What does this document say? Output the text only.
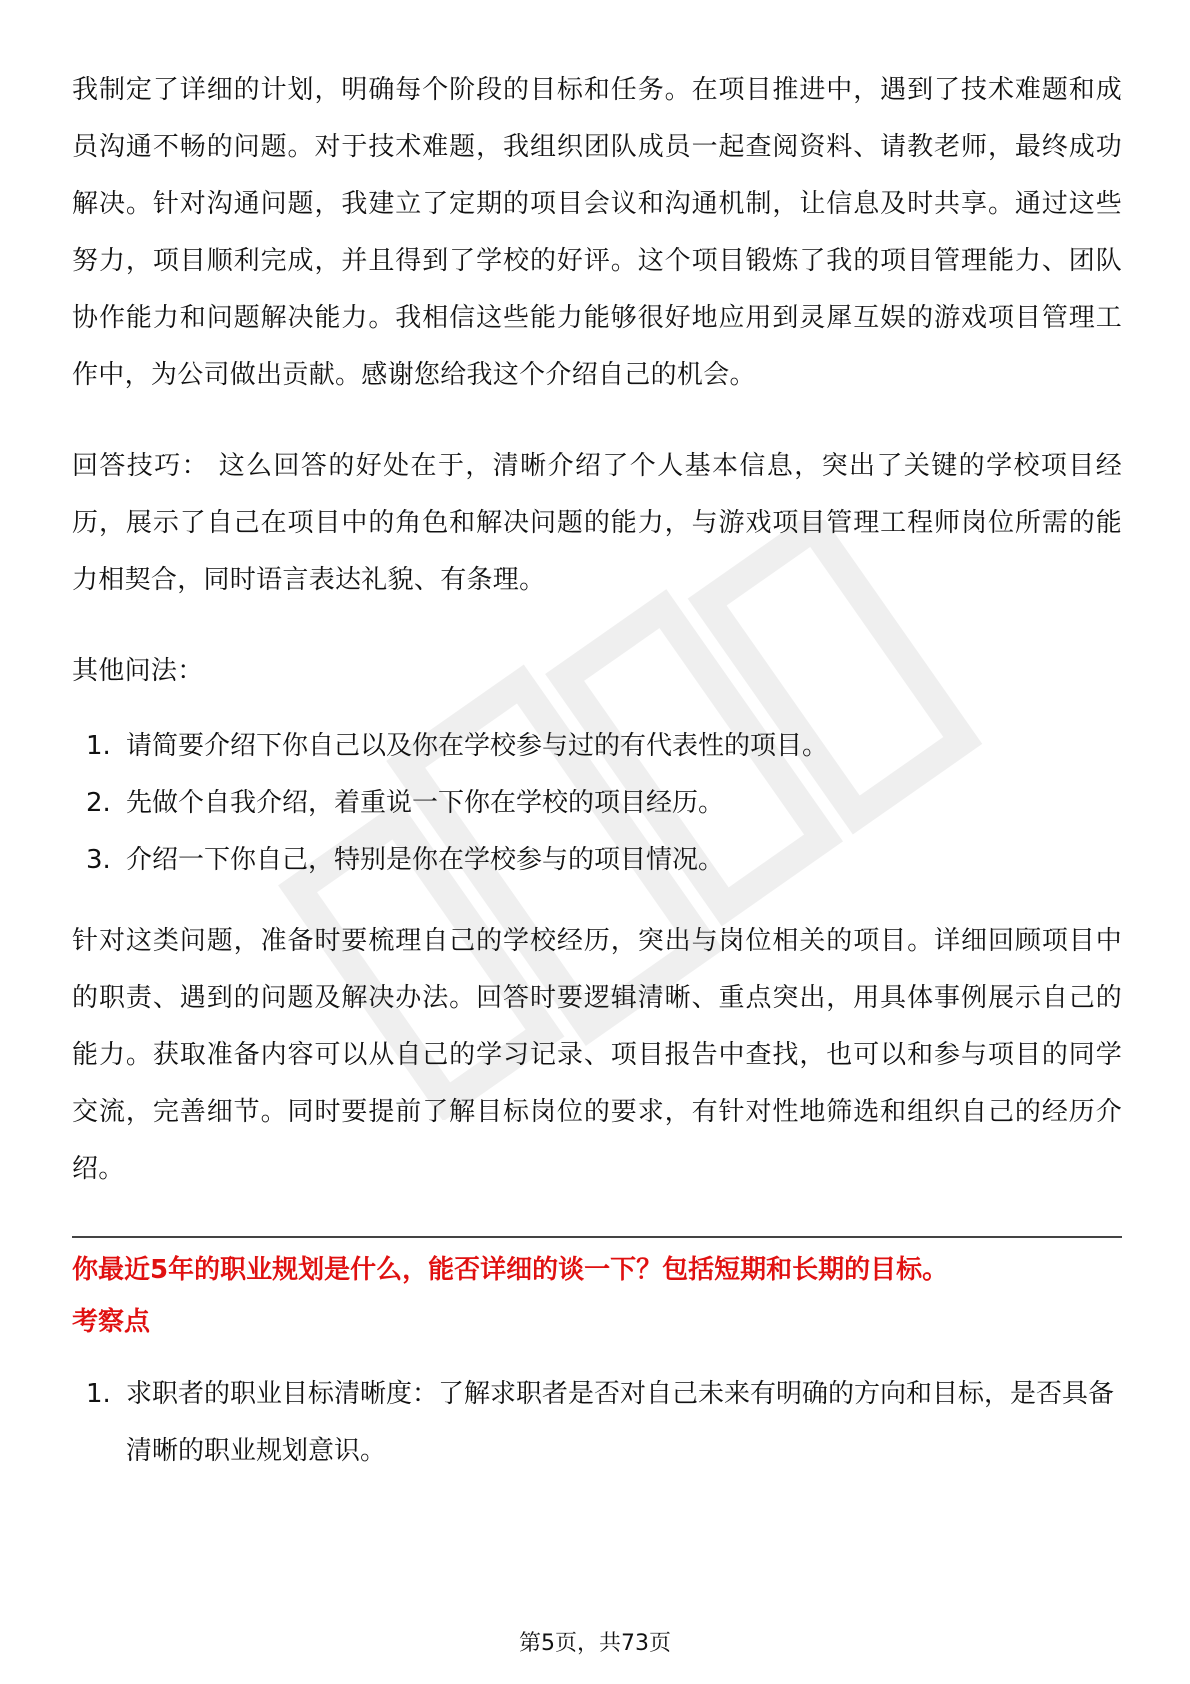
我制定了详细的计划，明确每个阶段的目标和任务。在项目推进中，遇到了技术难题和成员沟通不畅的问题。对于技术难题，我组织团队成员一起查阅资料、请教老师，最终成功解决。针对沟通问题，我建立了定期的项目会议和沟通机制，让信息及时共享。通过这些努力，项目顺利完成，并且得到了学校的好评。这个项目锻炼了我的项目管理能力、团队协作能力和问题解决能力。我相信这些能力能够很好地应用到灵犀互娱的游戏项目管理工作中，为公司做出贡献。感谢您给我这个介绍自己的机会。

回答技巧： 这么回答的好处在于，清晰介绍了个人基本信息，突出了关键的学校项目经历，展示了自己在项目中的角色和解决问题的能力，与游戏项目管理工程师岗位所需的能力相契合，同时语言表达礼貌、有条理。

其他问法：

1. 请简要介绍下你自己以及你在学校参与过的有代表性的项目。
2. 先做个自我介绍，着重说一下你在学校的项目经历。
3. 介绍一下你自己，特别是你在学校参与的项目情况。

针对这类问题，准备时要梳理自己的学校经历，突出与岗位相关的项目。详细回顾项目中的职责、遇到的问题及解决办法。回答时要逻辑清晰、重点突出，用具体事例展示自己的能力。获取准备内容可以从自己的学习记录、项目报告中查找，也可以和参与项目的同学交流，完善细节。同时要提前了解目标岗位的要求，有针对性地筛选和组织自己的经历介绍。

你最近5年的职业规划是什么，能否详细的谈一下？包括短期和长期的目标。

考察点

1. 求职者的职业目标清晰度：了解求职者是否对自己未来有明确的方向和目标，是否具备清晰的职业规划意识。
第5页，共73页
